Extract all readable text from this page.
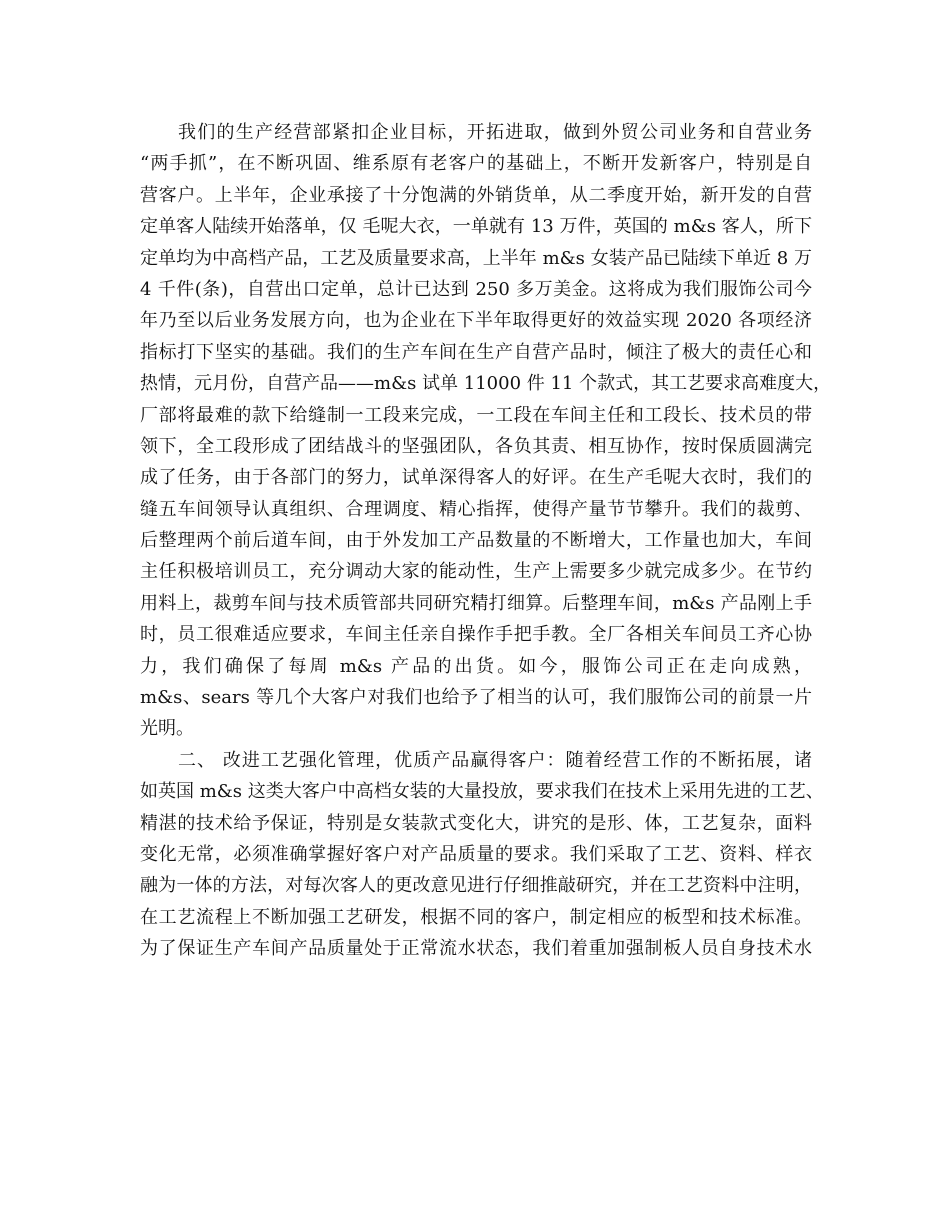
我们的生产经营部紧扣企业目标，开拓进取，做到外贸公司业务和自营业务
“两手抓”，在不断巩固、维系原有老客户的基础上，不断开发新客户，特别是自
营客户。上半年，企业承接了十分饱满的外销货单，从二季度开始，新开发的自营
定单客人陆续开始落单，仅 毛呢大衣，一单就有 13 万件，英国的 m&s 客人，所下
定单均为中高档产品，工艺及质量要求高，上半年 m&s 女装产品已陆续下单近 8 万
4 千件(条)，自营出口定单，总计已达到 250 多万美金。这将成为我们服饰公司今
年乃至以后业务发展方向，也为企业在下半年取得更好的效益实现 2020 各项经济
指标打下坚实的基础。我们的生产车间在生产自营产品时，倾注了极大的责任心和
热情，元月份，自营产品——m&s 试单 11000 件 11 个款式，其工艺要求高难度大，
厂部将最难的款下给缝制一工段来完成，一工段在车间主任和工段长、技术员的带
领下，全工段形成了团结战斗的坚强团队，各负其责、相互协作，按时保质圆满完
成了任务，由于各部门的努力，试单深得客人的好评。在生产毛呢大衣时，我们的
缝五车间领导认真组织、合理调度、精心指挥，使得产量节节攀升。我们的裁剪、
后整理两个前后道车间，由于外发加工产品数量的不断增大，工作量也加大，车间
主任积极培训员工，充分调动大家的能动性，生产上需要多少就完成多少。在节约
用料上，裁剪车间与技术质管部共同研究精打细算。后整理车间，m&s 产品刚上手
时，员工很难适应要求，车间主任亲自操作手把手教。全厂各相关车间员工齐心协
力，我们确保了每周 m&s 产品的出货。如今，服饰公司正在走向成熟，
m&s、sears 等几个大客户对我们也给予了相当的认可，我们服饰公司的前景一片
光明。
二、 改进工艺强化管理，优质产品赢得客户：随着经营工作的不断拓展，诸
如英国 m&s 这类大客户中高档女装的大量投放，要求我们在技术上采用先进的工艺、
精湛的技术给予保证，特别是女装款式变化大，讲究的是形、体，工艺复杂，面料
变化无常，必须准确掌握好客户对产品质量的要求。我们采取了工艺、资料、样衣
融为一体的方法，对每次客人的更改意见进行仔细推敲研究，并在工艺资料中注明，
在工艺流程上不断加强工艺研发，根据不同的客户，制定相应的板型和技术标准。
为了保证生产车间产品质量处于正常流水状态，我们着重加强制板人员自身技术水
